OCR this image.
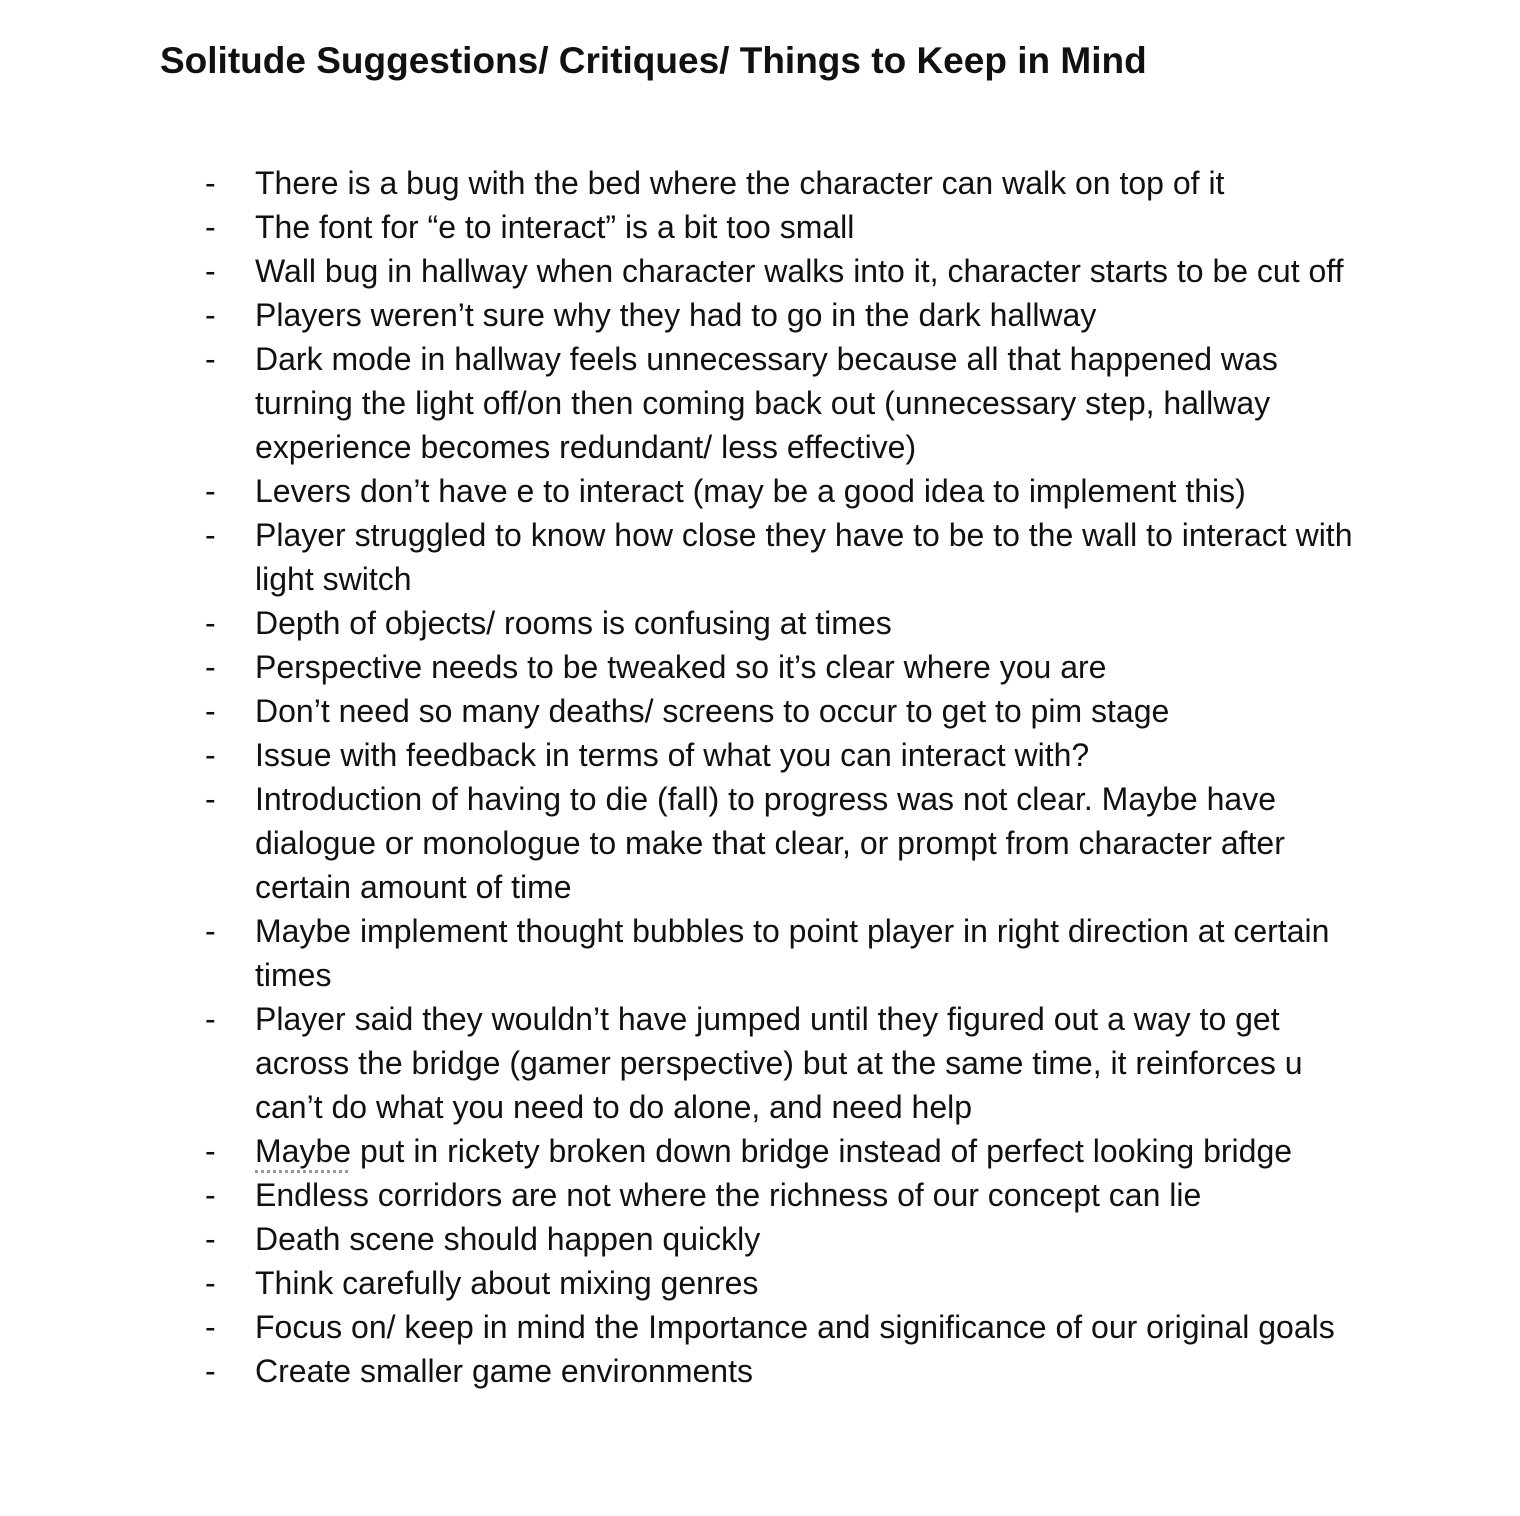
Solitude Suggestions/ Critiques/ Things to Keep in Mind
-	There is a bug with the bed where the character can walk on top of it
-	The font for “e to interact” is a bit too small
-	Wall bug in hallway when character walks into it, character starts to be cut off
-	Players weren’t sure why they had to go in the dark hallway
-	Dark mode in hallway feels unnecessary because all that happened was turning the light off/on then coming back out (unnecessary step, hallway experience becomes redundant/ less effective)
-	Levers don’t have e to interact (may be a good idea to implement this)
-	Player struggled to know how close they have to be to the wall to interact with light switch
-	Depth of objects/ rooms is confusing at times
-	Perspective needs to be tweaked so it’s clear where you are
-	Don’t need so many deaths/ screens to occur to get to pim stage
-	Issue with feedback in terms of what you can interact with?
-	Introduction of having to die (fall) to progress was not clear. Maybe have dialogue or monologue to make that clear, or prompt from character after certain amount of time
-	Maybe implement thought bubbles to point player in right direction at certain times
-	Player said they wouldn’t have jumped until they figured out a way to get across the bridge (gamer perspective) but at the same time, it reinforces u can’t do what you need to do alone, and need help
-	Maybe put in rickety broken down bridge instead of perfect looking bridge
-	Endless corridors are not where the richness of our concept can lie
-	Death scene should happen quickly
-	Think carefully about mixing genres
-	Focus on/ keep in mind the Importance and significance of our original goals
-	Create smaller game environments
